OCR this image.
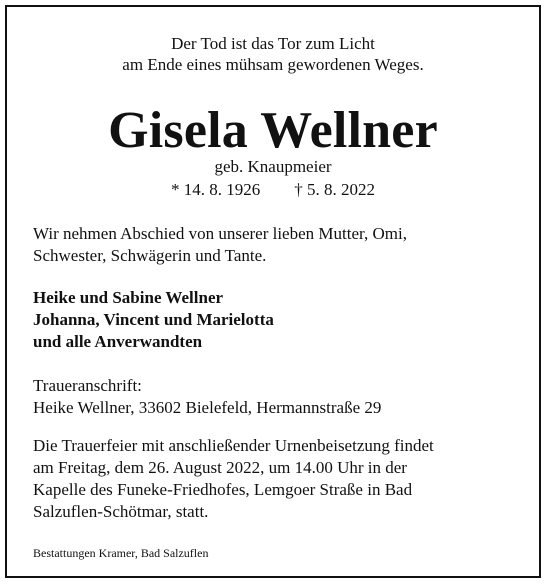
Der Tod ist das Tor zum Licht
am Ende eines mühsam gewordenen Weges.
Gisela Wellner
geb. Knaupmeier
* 14. 8. 1926 † 5. 8. 2022
Wir nehmen Abschied von unserer lieben Mutter, Omi,
Schwester, Schwägerin und Tante.
Heike und Sabine Wellner
Johanna, Vincent und Marielotta
und alle Anverwandten
Traueranschrift:
Heike Wellner, 33602 Bielefeld, Hermannstraße 29
Die Trauerfeier mit anschließender Urnenbeisetzung findet
am Freitag, dem 26. August 2022, um 14.00 Uhr in der
Kapelle des Funeke-Friedhofes, Lemgoer Straße in Bad
Salzuflen-Schötmar, statt.
Bestattungen Kramer, Bad Salzuflen
